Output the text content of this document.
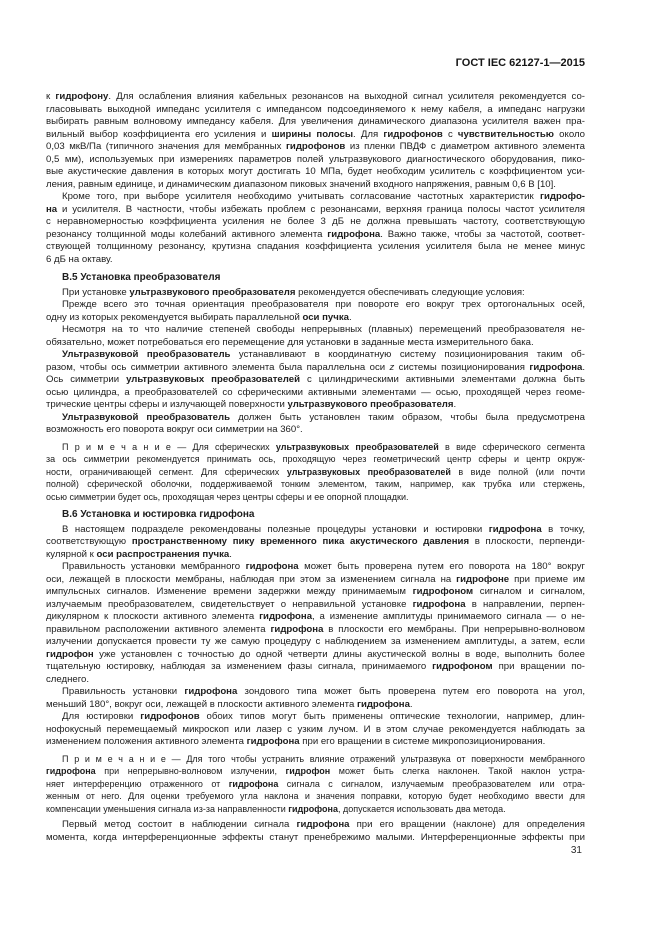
ГОСТ IEC 62127-1—2015
к гидрофону. Для ослабления влияния кабельных резонансов на выходной сигнал усилителя рекомендуется со-
гласовывать выходной импеданс усилителя с импедансом подсоединяемого к нему кабеля, а импеданс нагрузки
выбирать равным волновому импедансу кабеля. Для увеличения динамического диапазона усилителя важен пра-
вильный выбор коэффициента его усиления и ширины полосы. Для гидрофонов с чувствительностью около
0,03 мкВ/Па (типичного значения для мембранных гидрофонов из пленки ПВДФ с диаметром активного элемента
0,5 мм), используемых при измерениях параметров полей ультразвукового диагностического оборудования, пико-
вые акустические давления в которых могут достигать 10 МПа, будет необходим усилитель с коэффициентом уси-
ления, равным единице, и динамическим диапазоном пиковых значений входного напряжения, равным 0,6 В [10].
Кроме того, при выборе усилителя необходимо учитывать согласование частотных характеристик гидрофо-
на и усилителя. В частности, чтобы избежать проблем с резонансами, верхняя граница полосы частот усилителя
с неравномерностью коэффициента усиления не более 3 дБ не должна превышать частоту, соответствующую
резонансу толщинной моды колебаний активного элемента гидрофона. Важно также, чтобы за частотой, соответ-
ствующей толщинному резонансу, крутизна спадания коэффициента усиления усилителя была не менее минус
6 дБ на октаву.
В.5 Установка преобразователя
При установке ультразвукового преобразователя рекомендуется обеспечивать следующие условия:
Прежде всего это точная ориентация преобразователя при повороте его вокруг трех ортогональных осей,
одну из которых рекомендуется выбирать параллельной оси пучка.
Несмотря на то что наличие степеней свободы непрерывных (плавных) перемещений преобразователя не-
обязательно, может потребоваться его перемещение для установки в заданные места измерительного бака.
Ультразвуковой преобразователь устанавливают в координатную систему позиционирования таким об-
разом, чтобы ось симметрии активного элемента была параллельна оси z системы позиционирования гидрофона.
Ось симметрии ультразвуковых преобразователей с цилиндрическими активными элементами должна быть
осью цилиндра, а преобразователей со сферическими активными элементами — осью, проходящей через геоме-
трические центры сферы и излучающей поверхности ультразвукового преобразователя.
Ультразвуковой преобразователь должен быть установлен таким образом, чтобы была предусмотрена
возможность его поворота вокруг оси симметрии на 360°.
П р и м е ч а н и е — Для сферических ультразвуковых преобразователей в виде сферического сегмента
за ось симметрии рекомендуется принимать ось, проходящую через геометрический центр сферы и центр окруж-
ности, ограничивающей сегмент. Для сферических ультразвуковых преобразователей в виде полной (или почти
полной) сферической оболочки, поддерживаемой тонким элементом, таким, например, как трубка или стержень,
осью симметрии будет ось, проходящая через центры сферы и ее опорной площадки.
В.6 Установка и юстировка гидрофона
В настоящем подразделе рекомендованы полезные процедуры установки и юстировки гидрофона в точку,
соответствующую пространственному пику временного пика акустического давления в плоскости, перпенди-
кулярной к оси распространения пучка.
Правильность установки мембранного гидрофона может быть проверена путем его поворота на 180° вокруг
оси, лежащей в плоскости мембраны, наблюдая при этом за изменением сигнала на гидрофоне при приеме им
импульсных сигналов. Изменение времени задержки между принимаемым гидрофоном сигналом и сигналом,
излучаемым преобразователем, свидетельствует о неправильной установке гидрофона в направлении, перпен-
дикулярном к плоскости активного элемента гидрофона, а изменение амплитуды принимаемого сигнала — о не-
правильном расположении активного элемента гидрофона в плоскости его мембраны. При непрерывно-волновом
излучении допускается провести ту же самую процедуру с наблюдением за изменением амплитуды, а затем, если
гидрофон уже установлен с точностью до одной четверти длины акустической волны в воде, выполнить более
тщательную юстировку, наблюдая за изменением фазы сигнала, принимаемого гидрофоном при вращении по-
следнего.
Правильность установки гидрофона зондового типа может быть проверена путем его поворота на угол,
меньший 180°, вокруг оси, лежащей в плоскости активного элемента гидрофона.
Для юстировки гидрофонов обоих типов могут быть применены оптические технологии, например, длин-
нофокусный перемещаемый микроскоп или лазер с узким лучом. И в этом случае рекомендуется наблюдать за
изменением положения активного элемента гидрофона при его вращении в системе микропозиционирования.
П р и м е ч а н и е — Для того чтобы устранить влияние отражений ультразвука от поверхности мембранного
гидрофона при непрерывно-волновом излучении, гидрофон может быть слегка наклонен. Такой наклон устра-
няет интерференцию отраженного от гидрофона сигнала с сигналом, излучаемым преобразователем или отра-
женным от него. Для оценки требуемого угла наклона и значения поправки, которую будет необходимо ввести для
компенсации уменьшения сигнала из-за направленности гидрофона, допускается использовать два метода.
Первый метод состоит в наблюдении сигнала гидрофона при его вращении (наклоне) для определения
момента, когда интерференционные эффекты станут пренебрежимо малыми. Интерференционные эффекты при
31
